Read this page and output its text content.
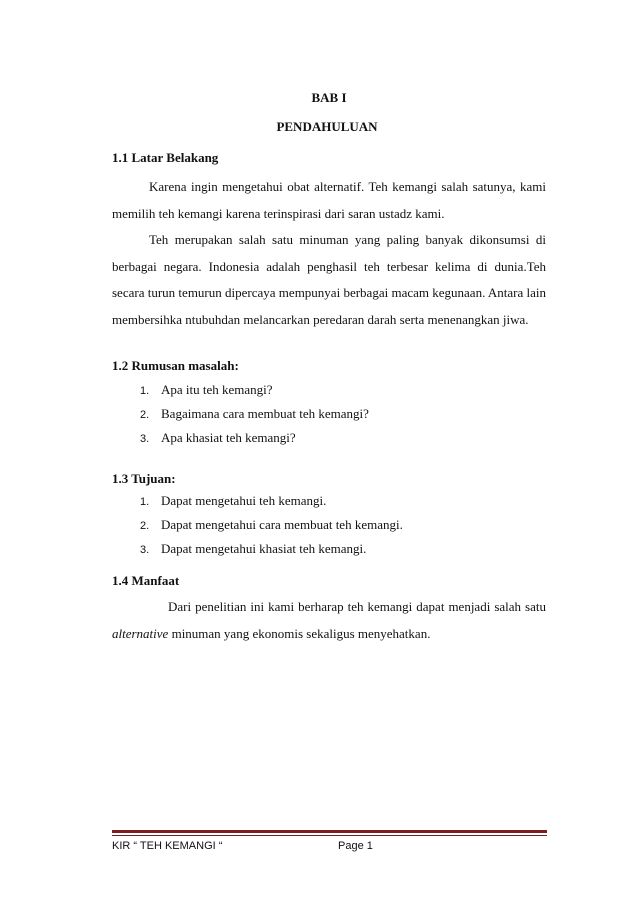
BAB I
PENDAHULUAN
1.1 Latar Belakang
Karena ingin mengetahui obat alternatif. Teh kemangi salah satunya, kami memilih teh kemangi karena terinspirasi dari saran ustadz kami.
Teh merupakan salah satu minuman yang paling banyak dikonsumsi di berbagai negara. Indonesia adalah penghasil teh terbesar kelima di dunia.Teh secara turun temurun dipercaya mempunyai berbagai macam kegunaan. Antara lain membersihka ntubuhdan melancarkan peredaran darah serta menenangkan jiwa.
1.2 Rumusan masalah:
1. Apa itu teh kemangi?
2. Bagaimana cara membuat teh kemangi?
3. Apa khasiat teh kemangi?
1.3 Tujuan:
1. Dapat mengetahui teh kemangi.
2. Dapat mengetahui cara membuat teh kemangi.
3. Dapat mengetahui khasiat teh kemangi.
1.4 Manfaat
Dari penelitian ini kami berharap teh kemangi dapat menjadi salah satu alternative minuman yang ekonomis sekaligus menyehatkan.
KIR “ TEH KEMANGI “	Page 1
